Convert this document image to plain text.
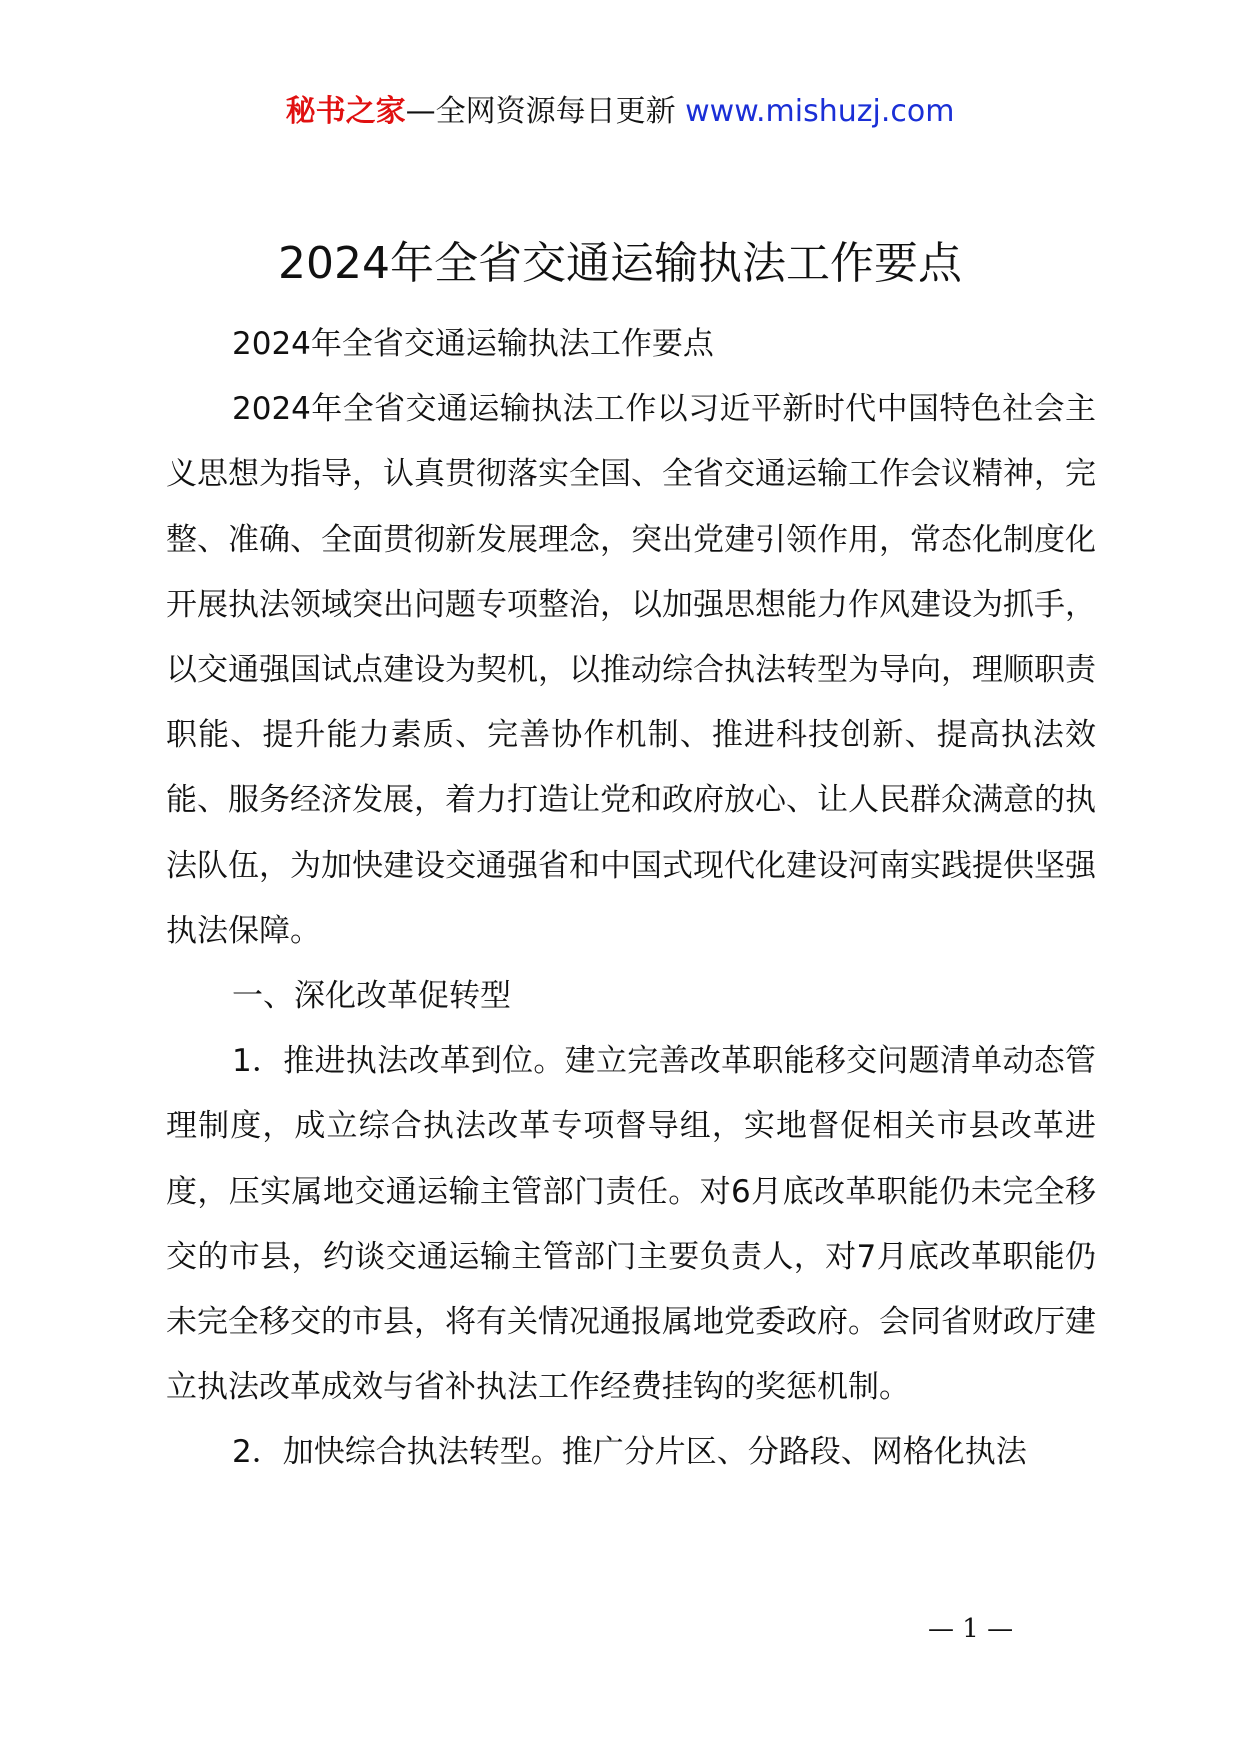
秘书之家—全网资源每日更新 www.mishuzj.com
2024年全省交通运输执法工作要点

2024年全省交通运输执法工作要点

2024年全省交通运输执法工作以习近平新时代中国特色社会主义思想为指导，认真贯彻落实全国、全省交通运输工作会议精神，完整、准确、全面贯彻新发展理念，突出党建引领作用，常态化制度化开展执法领域突出问题专项整治，以加强思想能力作风建设为抓手，以交通强国试点建设为契机，以推动综合执法转型为导向，理顺职责职能、提升能力素质、完善协作机制、推进科技创新、提高执法效能、服务经济发展，着力打造让党和政府放心、让人民群众满意的执法队伍，为加快建设交通强省和中国式现代化建设河南实践提供坚强执法保障。

一、深化改革促转型

1．推进执法改革到位。建立完善改革职能移交问题清单动态管理制度，成立综合执法改革专项督导组，实地督促相关市县改革进度，压实属地交通运输主管部门责任。对6月底改革职能仍未完全移交的市县，约谈交通运输主管部门主要负责人，对7月底改革职能仍未完全移交的市县，将有关情况通报属地党委政府。会同省财政厅建立执法改革成效与省补执法工作经费挂钩的奖惩机制。

2．加快综合执法转型。推广分片区、分路段、网格化执法

— 1 —
